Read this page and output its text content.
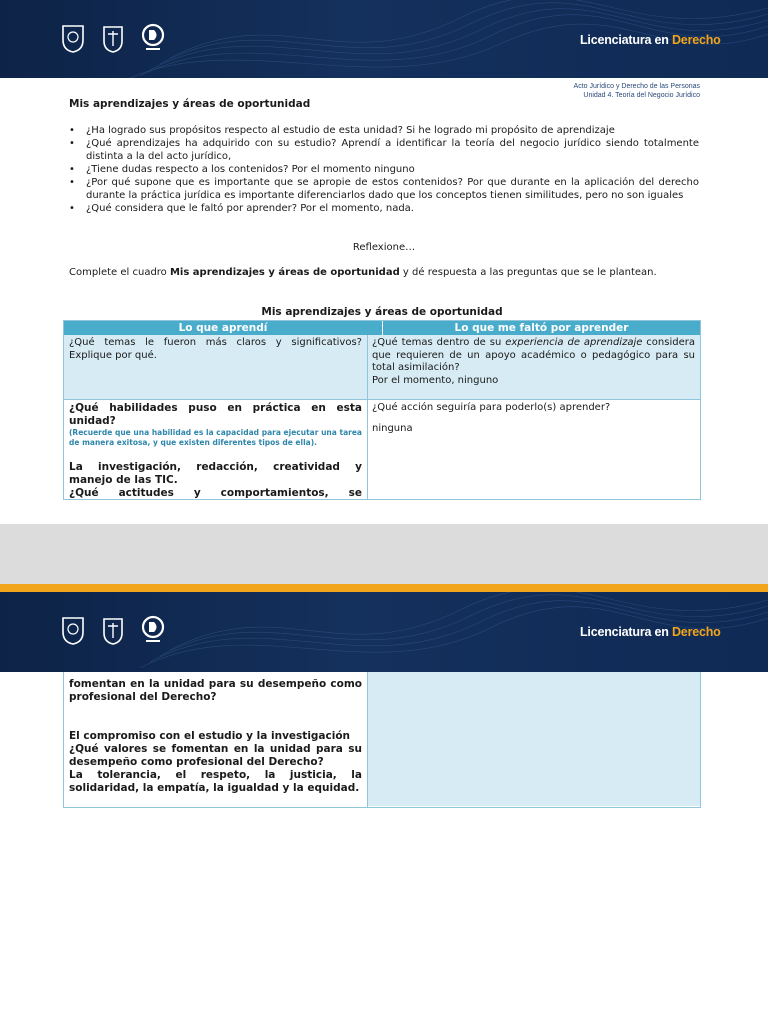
Licenciatura en Derecho
Acto Jurídico y Derecho de las Personas
Unidad 4. Teoría del Negocio Jurídico
Mis aprendizajes y áreas de oportunidad
• ¿Ha logrado sus propósitos respecto al estudio de esta unidad? Si he logrado mi propósito de aprendizaje
• ¿Qué aprendizajes ha adquirido con su estudio? Aprendí a identificar la teoría del negocio jurídico siendo totalmente distinta a la del acto jurídico,
• ¿Tiene dudas respecto a los contenidos? Por el momento ninguno
• ¿Por qué supone que es importante que se apropie de estos contenidos? Por que durante en la aplicación del derecho durante la práctica jurídica es importante diferenciarlos dado que los conceptos tienen similitudes, pero no son iguales
• ¿Qué considera que le faltó por aprender? Por el momento, nada.
Reflexione…
Complete el cuadro Mis aprendizajes y áreas de oportunidad y dé respuesta a las preguntas que se le plantean.
Mis aprendizajes y áreas de oportunidad
Lo que aprendí	Lo que me faltó por aprender
¿Qué temas le fueron más claros y significativos? Explique por qué.
¿Qué temas dentro de su experiencia de aprendizaje considera que requieren de un apoyo académico o pedagógico para su total asimilación?
Por el momento, ninguno
¿Qué habilidades puso en práctica en esta unidad?
(Recuerde que una habilidad es la capacidad para ejecutar una tarea de manera exitosa, y que existen diferentes tipos de ella).
La investigación, redacción, creatividad y manejo de las TIC.
¿Qué actitudes y comportamientos, se
¿Qué acción seguiría para poderlo(s) aprender?
ninguna
Licenciatura en Derecho
fomentan en la unidad para su desempeño como profesional del Derecho?
El compromiso con el estudio y la investigación
¿Qué valores se fomentan en la unidad para su desempeño como profesional del Derecho?
La tolerancia, el respeto, la justicia, la solidaridad, la empatía, la igualdad y la equidad.
